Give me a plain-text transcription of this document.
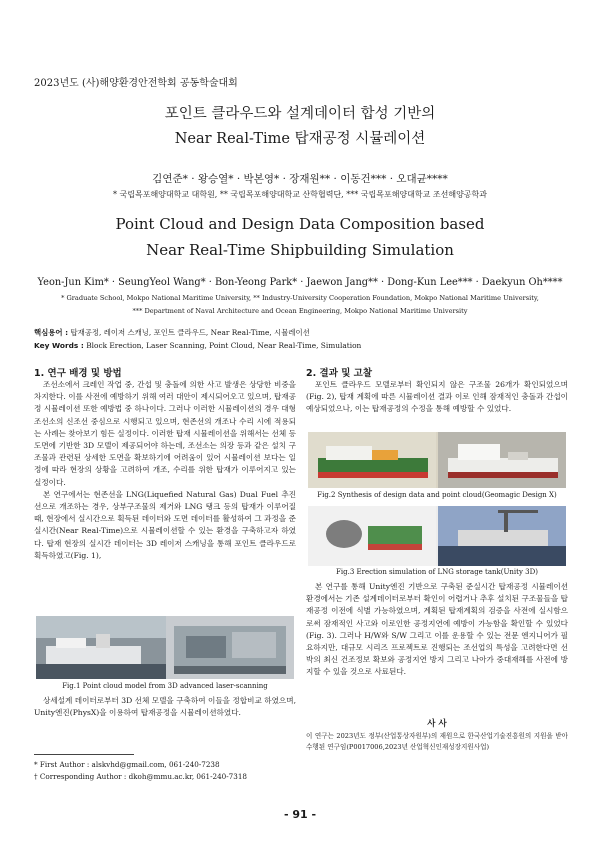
2023년도 (사)해양환경안전학회 공동학술대회
포인트 클라우드와 설계데이터 합성 기반의
Near Real-Time 탑재공정 시뮬레이션
김연준* · 왕승열* · 박본영* · 장재원** · 이동건*** · 오대균****
* 국립목포해양대학교 대학원, ** 국립목포해양대학교 산학협력단, *** 국립목포해양대학교 조선해양공학과
Point Cloud and Design Data Composition based
Near Real-Time Shipbuilding Simulation
Yeon-Jun Kim* · SeungYeol Wang* · Bon-Yeong Park* · Jaewon Jang** · Dong-Kun Lee*** · Daekyun Oh****
* Graduate School, Mokpo National Maritime University, ** Industry-University Cooperation Foundation, Mokpo National Maritime University,
*** Department of Naval Architecture and Ocean Engineering, Mokpo National Maritime University
핵심용어 : 탑재공정, 레이저 스캐닝, 포인트 클라우드, Near Real-Time, 시뮬레이션
Key Words : Block Erection, Laser Scanning, Point Cloud, Near Real-Time, Simulation
1. 연구 배경 및 방법

조선소에서 크레인 작업 중, 간섭 및 충돌에 의한 사고 발생은 상당한 비중을 차지한다. 이를 사전에 예방하기 위해 여러 대안이 제시되어오고 있으며, 탑재공정 시뮬레이션 또한 예방법 중 하나이다. 그러나 이러한 시뮬레이션의 경우 대형조선소의 신조선 중심으로 시행되고 있으며, 현존선의 개조나 수리 시에 적용되는 사례는 찾아보기 힘든 실정이다. 이러한 탑재 시뮬레이션을 위해서는 선체 등 도면에 기반한 3D 모델이 제공되어야 하는데, 조선소는 의장 등과 같은 설치 구조물과 관련된 상세한 도면을 확보하기에 어려움이 있어 시뮬레이션 보다는 일정에 따라 현장의 상황을 고려하여 개조, 수리를 위한 탑재가 이루어지고 있는 실정이다.

본 연구에서는 현존선을 LNG(Liquefied Natural Gas) Dual Fuel 추진선으로 개조하는 경우, 상부구조물의 제거와 LNG 탱크 등의 탑재가 이루어질 때, 현장에서 실시간으로 획득된 데이터와 도면 데이터를 활성하여 그 과정을 준실시간(Near Real-Time)으로 시뮬레이션할 수 있는 환경을 구축하고자 하였다. 탑재 현장의 실시간 데이터는 3D 레이저 스캐닝을 통해 포인트 클라우드로 획득하였고(Fig. 1),

Fig.1 Point cloud model from 3D advanced laser-scanning

상세설계 데이터로부터 3D 선체 모델을 구축하여 이들을 정합비교 하였으며, Unity엔진(PhysX)을 이용하여 탑재공정을 시뮬레이션하였다.

* First Author : alskvhd@gmail.com, 061-240-7238
† Corresponding Author : dkoh@mmu.ac.kr, 061-240-7318
2. 결과 및 고찰

포인트 클라우드 모델로부터 확인되지 않은 구조물 26개가 확인되었으며(Fig. 2), 탑재 계획에 따른 시뮬레이션 결과 이로 인해 잠재적인 충돌과 간섭이 예상되었으나, 이는 탑재공정의 수정을 통해 예방할 수 있었다.

Fig.2 Synthesis of design data and point cloud(Geomagic Design X)
Fig.3 Erection simulation of LNG storage tank(Unity 3D)

본 연구를 통해 Unity엔진 기반으로 구축된 준실시간 탑재공정 시뮬레이션 환경에서는 기존 설계데이터로부터 확인이 어렵거나 추후 설치된 구조물들을 탑재공정 이전에 식별 가능하였으며, 계획된 탑재계획의 검증을 사전에 실시함으로써 잠재적인 사고와 이로인한 공정지연에 예방이 가능함을 확인할 수 있었다(Fig. 3). 그러나 H/W와 S/W 그리고 이를 운용할 수 있는 전문 엔지니어가 필요하지만, 대규모 시리즈 프로젝트로 진행되는 조선업의 특성을 고려한다면 선박의 최신 건조정보 확보와 공정지연 방지 그리고 나아가 중대재해를 사전에 방지할 수 있을 것으로 사료된다.

사 사
이 연구는 2023년도 정부(산업통상자원부)의 재원으로 한국산업기술진흥원의 지원을 받아 수행된 연구임(P0017006,2023년 산업혁신인재성장지원사업)
- 91 -
